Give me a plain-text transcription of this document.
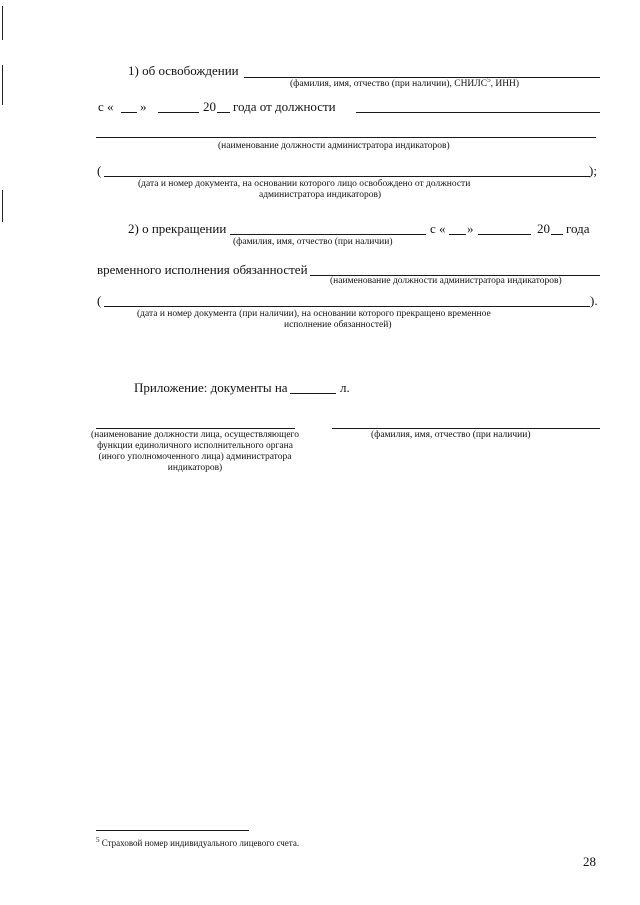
1) об освобождении
(фамилия, имя, отчество (при наличии), СНИЛС$^5$, ИНН)
с « »	20 года от должности
(наименование должности администратора индикаторов)
(	);
(дата и номер документа, на основании которого лицо освобождено от должности
администратора индикаторов)
2) о прекращении
(фамилия, имя, отчество (при наличии)
с « »	20 года
временного исполнения обязанностей
(наименование должности администратора индикаторов)
(	).
(дата и номер документа (при наличии), на основании которого прекращено временное
исполнение обязанностей)
Приложение: документы на	л.
(наименование должности лица, осуществляющего функции единоличного исполнительного органа (иного уполномоченного лица) администратора индикаторов)
(фамилия, имя, отчество (при наличии)
$^5$ Страховой номер индивидуального лицевого счета.
28
